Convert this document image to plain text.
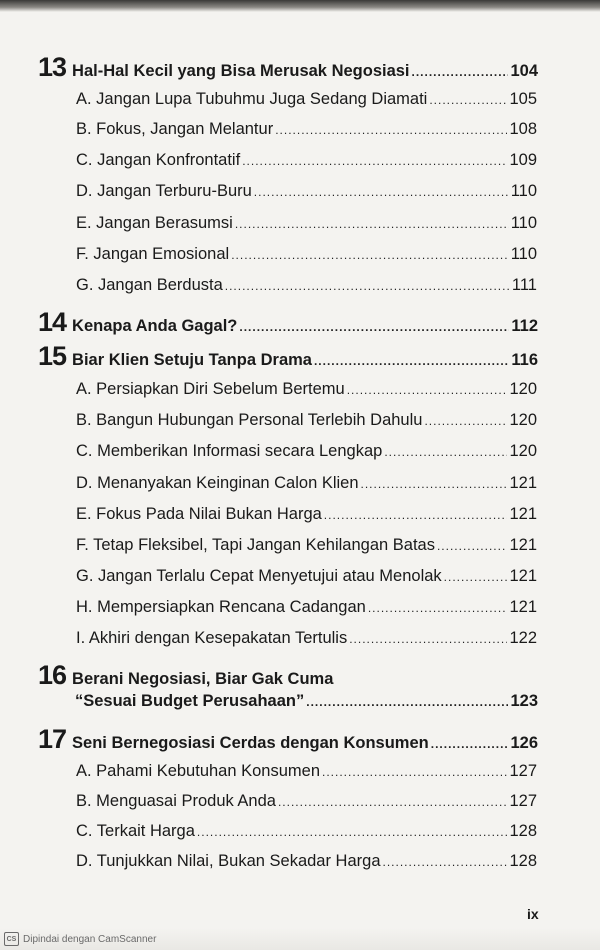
13 Hal-Hal Kecil yang Bisa Merusak Negosiasi .....	104
A. Jangan Lupa Tubuhmu Juga Sedang Diamati .....	105
B. Fokus, Jangan Melantur .....	108
C. Jangan Konfrontatif .....	109
D. Jangan Terburu-Buru .....	110
E. Jangan Berasumsi .....	110
F. Jangan Emosional .....	110
G. Jangan Berdusta .....	111
14 Kenapa Anda Gagal? .....	112
15 Biar Klien Setuju Tanpa Drama .....	116
A. Persiapkan Diri Sebelum Bertemu .....	120
B. Bangun Hubungan Personal Terlebih Dahulu .....	120
C. Memberikan Informasi secara Lengkap .....	120
D. Menanyakan Keinginan Calon Klien .....	121
E. Fokus Pada Nilai Bukan Harga .....	121
F. Tetap Fleksibel, Tapi Jangan Kehilangan Batas .....	121
G. Jangan Terlalu Cepat Menyetujui atau Menolak .....	121
H. Mempersiapkan Rencana Cadangan .....	121
I. Akhiri dengan Kesepakatan Tertulis .....	122
16 Berani Negosiasi, Biar Gak Cuma
“Sesuai Budget Perusahaan” .....	123
17 Seni Bernegosiasi Cerdas dengan Konsumen .....	126
A. Pahami Kebutuhan Konsumen .....	127
B. Menguasai Produk Anda .....	127
C. Terkait Harga .....	128
D. Tunjukkan Nilai, Bukan Sekadar Harga .....	128
ix
CS Dipindai dengan CamScanner
